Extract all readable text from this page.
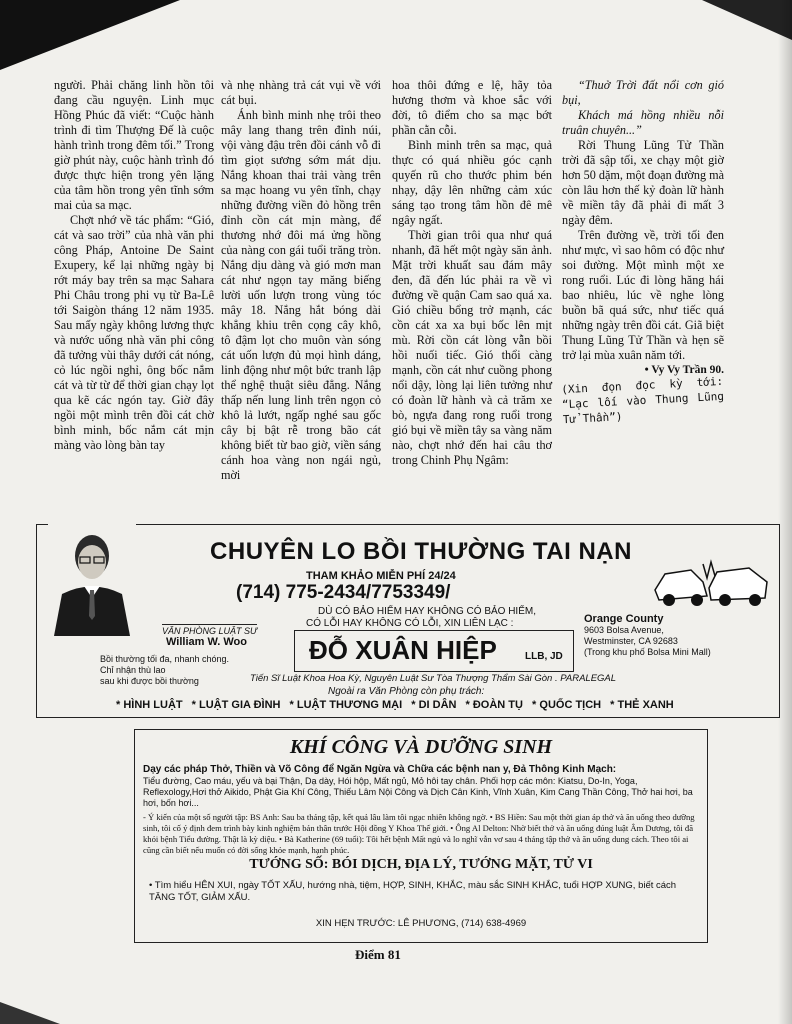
người. Phải chăng linh hồn tôi đang cầu nguyện. Linh mục Hồng Phúc đã viết: “Cuộc hành trình đi tìm Thượng Đế là cuộc hành trình trong đêm tối.” Trong giờ phút này, cuộc hành trình đó được thực hiện trong yên lặng của tâm hồn trong yên tĩnh sớm mai của sa mạc.

Chợt nhớ về tác phẩm: “Gió, cát và sao trời” của nhà văn phi công Pháp, Antoine De Saint Exupery, kể lại những ngày bị rớt máy bay trên sa mạc Sahara Phi Châu trong phi vụ từ Ba-Lê tới Saigòn tháng 12 năm 1935. Sau mấy ngày không lương thực và nước uống nhà văn phi công đã tưởng vùi thây dưới cát nóng, cỏ lúc ngồi nghỉ, ông bốc nắm cát và từ từ để thời gian chạy lọt qua kẽ các ngón tay. Giờ đây ngồi một mình trên đồi cát chờ bình minh, bốc nắm cát mịn màng vào lòng bàn tay

và nhẹ nhàng trả cát vụi về với cát bụi.

Ánh bình minh nhẹ trôi theo mây lang thang trên đỉnh núi, vội vàng đậu trên đồi cánh vỗ đi tìm giọt sương sớm mát dịu. Nắng khoan thai trải vàng trên sa mạc hoang vu yên tĩnh, chạy những đường viền đỏ hồng trên đỉnh cồn cát mịn màng, để thương nhớ đôi má ửng hồng của nàng con gái tuổi trăng tròn. Nắng dịu dàng và gió mơn man cát như ngọn tay măng biếng lười uốn lượn trong vùng tóc mây 18. Nắng hắt bóng dài khẳng khiu trên cọng cây khô, tô đậm lọt cho muôn vàn sóng cát uốn lượn đủ mọi hình dáng, linh động như một bức tranh lập thể nghệ thuật siêu đẳng. Nắng thấp nến lung linh trên ngọn cỏ khô lả lướt, ngấp nghé sau gốc cây bị bật rễ trong bão cát không biết từ bao giờ, viền sáng cánh hoa vàng non ngái ngủ, mời

hoa thôi đứng e lệ, hãy tỏa hương thơm và khoe sắc với đời, tô điểm cho sa mạc bớt phần cằn cỗi.

Bình minh trên sa mạc, quả thực có quá nhiều góc cạnh quyến rũ cho thước phim bén nhạy, dậy lên những cảm xúc sáng tạo trong tâm hồn đê mê ngây ngất.

Thời gian trôi qua như quá nhanh, đã hết một ngày săn ảnh. Mặt trời khuất sau đám mây đen, đã đến lúc phải ra về vì đường về quận Cam sao quá xa. Gió chiều bổng trở mạnh, các cồn cát xa xa bụi bốc lên mịt mù. Rời cồn cát lòng vẫn bồi hồi nuối tiếc. Gió thổi càng mạnh, cồn cát như cuồng phong nổi dậy, lòng lại liên tưởng như có đoàn lữ hành và cả trăm xe bò, ngựa đang rong ruổi trong gió bụi về miền tây sa vàng năm nào, chợt nhớ đến hai câu thơ trong Chinh Phụ Ngâm:

“Thuở Trời đất nổi cơn gió bụi,

Khách má hồng nhiều nỗi truân chuyên...”

Rời Thung Lũng Tử Thần trời đã sập tối, xe chạy một giờ hơn 50 dặm, một đoạn đường mà còn lâu hơn thế kỷ đoàn lữ hành về miền tây đã phải đi mất 3 ngày đêm.

Trên đường về, trời tối đen như mực, vì sao hôm có độc như soi đường. Một mình một xe rong ruổi. Lúc đi lòng hăng hái bao nhiêu, lúc về nghe lòng buồn bã quá sức, như tiếc quá những ngày trên đồi cát. Giã biệt Thung Lũng Tử Thần và hẹn sẽ trở lại mùa xuân năm tới.

• Vy Vy Trần 90.

(Xin đọn đọc kỳ tới: “Lạc lối vào Thung Lũng Tử Thần”)

CHUYÊN LO BỒI THƯỜNG TAI NẠN
THAM KHẢO MIỄN PHÍ 24/24
(714) 775-2434/7753349/
DÙ CÓ BẢO HIỂM HAY KHÔNG CÓ BẢO HIỂM,
CÓ LỖI HAY KHÔNG CÓ LỖI, XIN LIÊN LẠC :
ĐỖ XUÂN HIỆP	LLB, JD
VĂN PHÒNG LUẬT SƯ
William W. Woo
Bồi thường tối đa, nhanh chóng.
Chỉ nhận thù lao
sau khi được bồi thường
Orange County
9603 Bolsa Avenue,
Westminster, CA 92683
(Trong khu phố Bolsa Mini Mall)
Tiến Sĩ Luật Khoa Hoa Kỳ, Nguyên Luật Sư Tòa Thượng Thẩm Sài Gòn . PARALEGAL
Ngoài ra Văn Phòng còn phụ trách:
* HÌNH LUẬT * LUẬT GIA ĐÌNH * LUẬT THƯƠNG MẠI * DI DÂN * ĐOÀN TỤ * QUỐC TỊCH * THẺ XANH
KHÍ CÔNG VÀ DƯỠNG SINH
Dạy các pháp Thở, Thiền và Võ Công để Ngăn Ngừa và Chữa các bệnh nan y, Đả Thông Kinh Mạch:
Tiểu đường, Cao máu, yếu và bại Thận, Dạ dày, Hói hộp, Mất ngủ, Mỏ hôi tay chân. Phối hợp các môn: Kiatsu, Do-In, Yoga, Reflexology,Hơi thở Aikido, Phật Gia Khí Công, Thiếu Lâm Nội Công và Dịch Cân Kinh, Vĩnh Xuân, Kim Cang Thần Công, Thở hai hơi, ba hơi, bốn hơi...
- Ý kiến của một số người tập: BS Anh: Sau ba tháng tập, kết quả lâu làm tôi ngạc nhiên không ngờ. • BS Hiền: Sau một thời gian áp thở và ăn uống theo dưỡng sinh, tôi cố ý định đem trình bày kinh nghiệm bản thân trước Hội đồng Y Khoa Thế giới. • Ông Al Delton: Nhờ biết thở và ăn uống đúng luật Âm Dương, tôi đã khỏi bệnh Tiểu đường. Thật là kỳ diệu. • Bà Katherine (69 tuổi): Tôi hết bệnh Mất ngủ và lo nghĩ vẫn vơ sau 4 tháng tập thở và ăn uống dung cách. Theo tôi ai cũng cần biết nếu muốn có đời sống khỏe mạnh, hạnh phúc.
TƯỚNG SỐ: BÓI DỊCH, ĐỊA LÝ, TƯỚNG MẶT, TỬ VI
• Tìm hiểu HÊN XUI, ngày TỐT XẤU, hướng nhà, tiệm, HỢP, SINH, KHẮC, màu sắc SINH KHẮC, tuổi HỢP XUNG, biết cách TĂNG TỐT, GIẢM XẤU.
XIN HẸN TRƯỚC: LÊ PHƯƠNG, (714) 638-4969
Điểm 81
